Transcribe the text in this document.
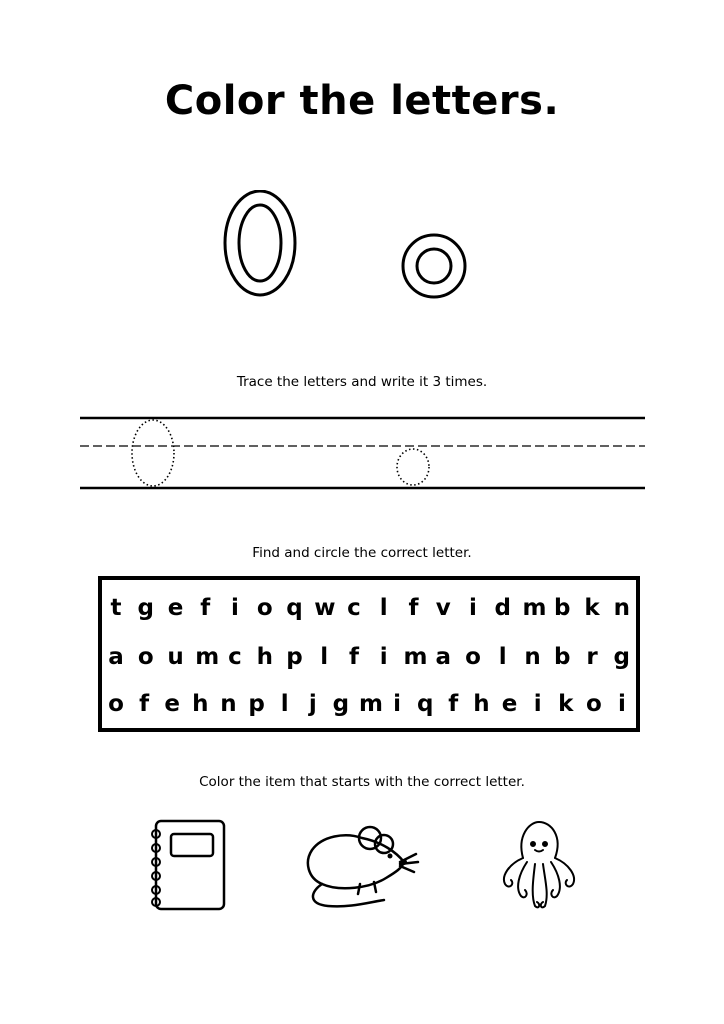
Color the letters.
Trace the letters and write it 3 times.
Find and circle the correct letter.
t g e f i o q w c l f v i d m b k n
a o u m c h p l f i m a o l n b r g
o f e h n p l j g m i q f h e i k o i
Color the item that starts with the correct letter.
